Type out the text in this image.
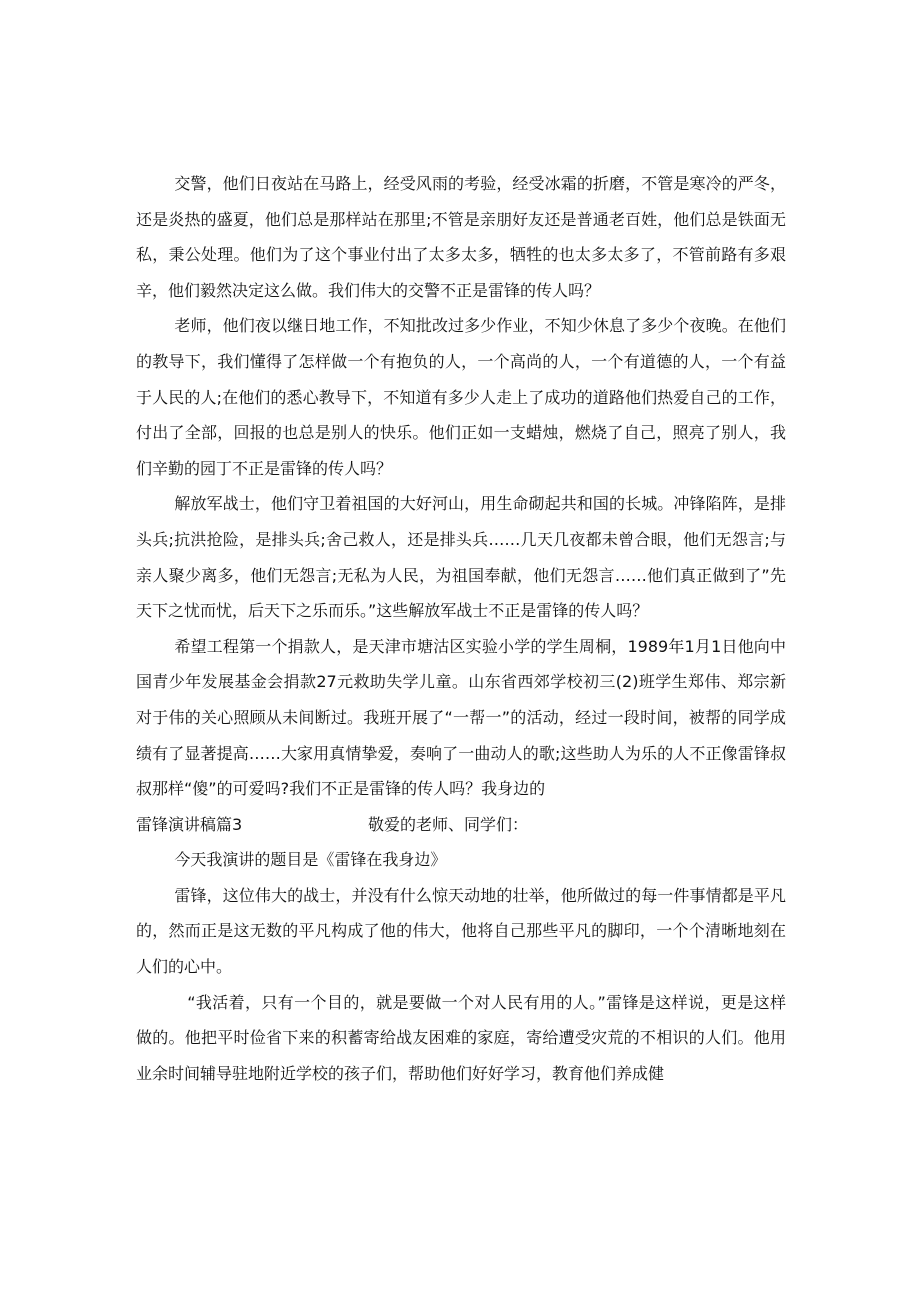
交警，他们日夜站在马路上，经受风雨的考验，经受冰霜的折磨，不管是寒冷的严冬，还是炎热的盛夏，他们总是那样站在那里;不管是亲朋好友还是普通老百姓，他们总是铁面无私，秉公处理。他们为了这个事业付出了太多太多，牺牲的也太多太多了，不管前路有多艰辛，他们毅然决定这么做。我们伟大的交警不正是雷锋的传人吗？

老师，他们夜以继日地工作，不知批改过多少作业，不知少休息了多少个夜晚。在他们的教导下，我们懂得了怎样做一个有抱负的人，一个高尚的人，一个有道德的人，一个有益于人民的人;在他们的悉心教导下，不知道有多少人走上了成功的道路他们热爱自己的工作，付出了全部，回报的也总是别人的快乐。他们正如一支蜡烛，燃烧了自己，照亮了别人，我们辛勤的园丁不正是雷锋的传人吗？

解放军战士，他们守卫着祖国的大好河山，用生命砌起共和国的长城。冲锋陷阵，是排头兵;抗洪抢险，是排头兵;舍己救人，还是排头兵……几天几夜都未曾合眼，他们无怨言;与亲人聚少离多，他们无怨言;无私为人民，为祖国奉献，他们无怨言……他们真正做到了”先天下之忧而忧，后天下之乐而乐。”这些解放军战士不正是雷锋的传人吗？

希望工程第一个捐款人，是天津市塘沽区实验小学的学生周桐，1989年1月1日他向中国青少年发展基金会捐款27元救助失学儿童。山东省西郊学校初三(2)班学生郑伟、郑宗新对于伟的关心照顾从未间断过。我班开展了“一帮一”的活动，经过一段时间，被帮的同学成绩有了显著提高……大家用真情挚爱，奏响了一曲动人的歌;这些助人为乐的人不正像雷锋叔叔那样“傻”的可爱吗?我们不正是雷锋的传人吗？我身边的

雷锋演讲稿篇3	敬爱的老师、同学们：

今天我演讲的题目是《雷锋在我身边》

雷锋，这位伟大的战士，并没有什么惊天动地的壮举，他所做过的每一件事情都是平凡的，然而正是这无数的平凡构成了他的伟大，他将自己那些平凡的脚印，一个个清晰地刻在人们的心中。

“我活着，只有一个目的，就是要做一个对人民有用的人。”雷锋是这样说，更是这样做的。他把平时俭省下来的积蓄寄给战友困难的家庭，寄给遭受灾荒的不相识的人们。他用业余时间辅导驻地附近学校的孩子们，帮助他们好好学习，教育他们养成健
